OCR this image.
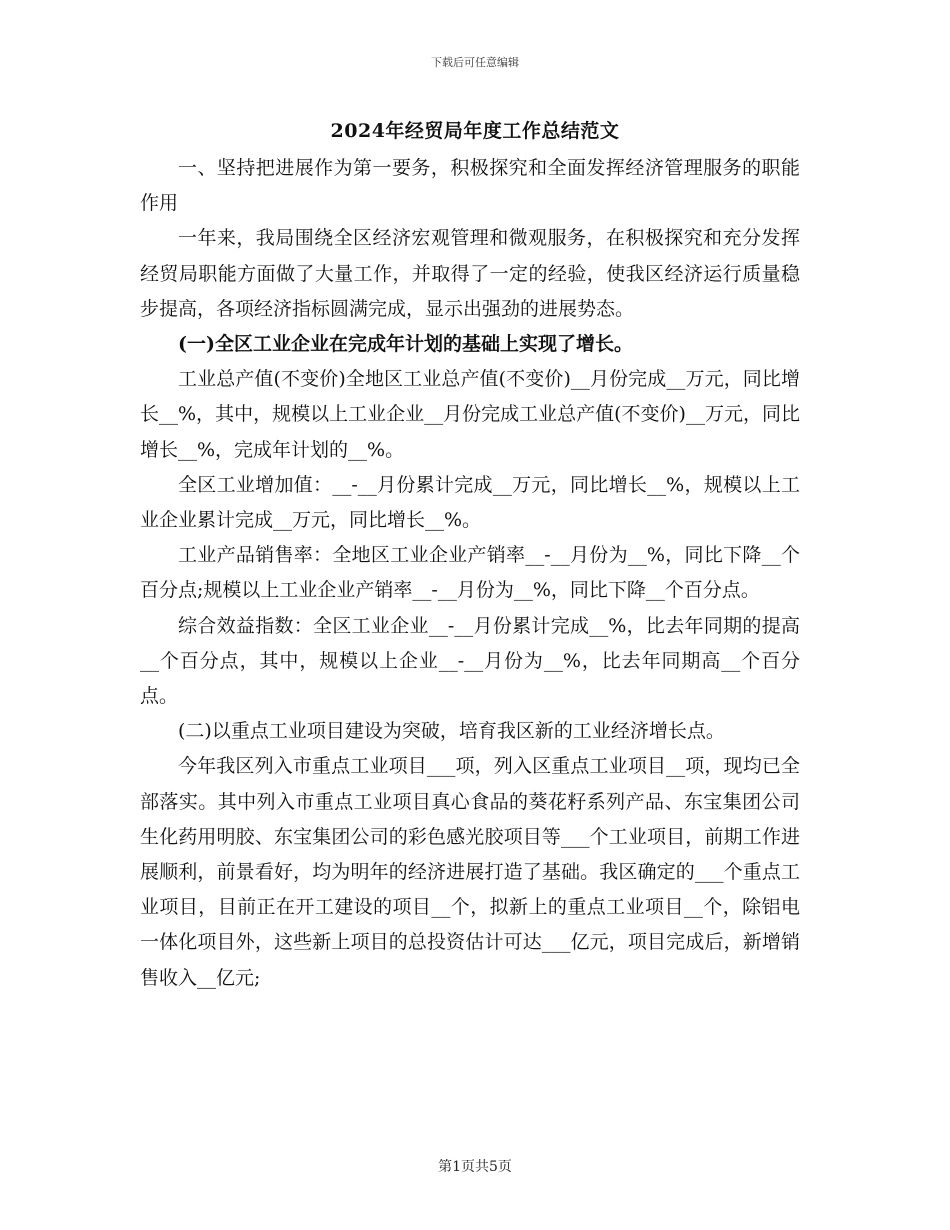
下载后可任意编辑
2024年经贸局年度工作总结范文

一、坚持把进展作为第一要务，积极探究和全面发挥经济管理服务的职能作用

一年来，我局围绕全区经济宏观管理和微观服务，在积极探究和充分发挥经贸局职能方面做了大量工作，并取得了一定的经验，使我区经济运行质量稳步提高，各项经济指标圆满完成，显示出强劲的进展势态。

(一)全区工业企业在完成年计划的基础上实现了增长。

工业总产值(不变价)全地区工业总产值(不变价)__月份完成__万元，同比增长__%，其中，规模以上工业企业__月份完成工业总产值(不变价)__万元，同比增长__%，完成年计划的__%。

全区工业增加值：__-__月份累计完成__万元，同比增长__%，规模以上工业企业累计完成__万元，同比增长__%。

工业产品销售率：全地区工业企业产销率__-__月份为__%，同比下降__个百分点;规模以上工业企业产销率__-__月份为__%，同比下降__个百分点。

综合效益指数：全区工业企业__-__月份累计完成__%，比去年同期的提高__个百分点，其中，规模以上企业__-__月份为__%，比去年同期高__个百分点。

(二)以重点工业项目建设为突破，培育我区新的工业经济增长点。

今年我区列入市重点工业项目___项，列入区重点工业项目__项，现均已全部落实。其中列入市重点工业项目真心食品的葵花籽系列产品、东宝集团公司生化药用明胶、东宝集团公司的彩色感光胶项目等___个工业项目，前期工作进展顺利，前景看好，均为明年的经济进展打造了基础。我区确定的___个重点工业项目，目前正在开工建设的项目__个，拟新上的重点工业项目__个，除铝电一体化项目外，这些新上项目的总投资估计可达___亿元，项目完成后，新增销售收入__亿元;

第1页共5页
